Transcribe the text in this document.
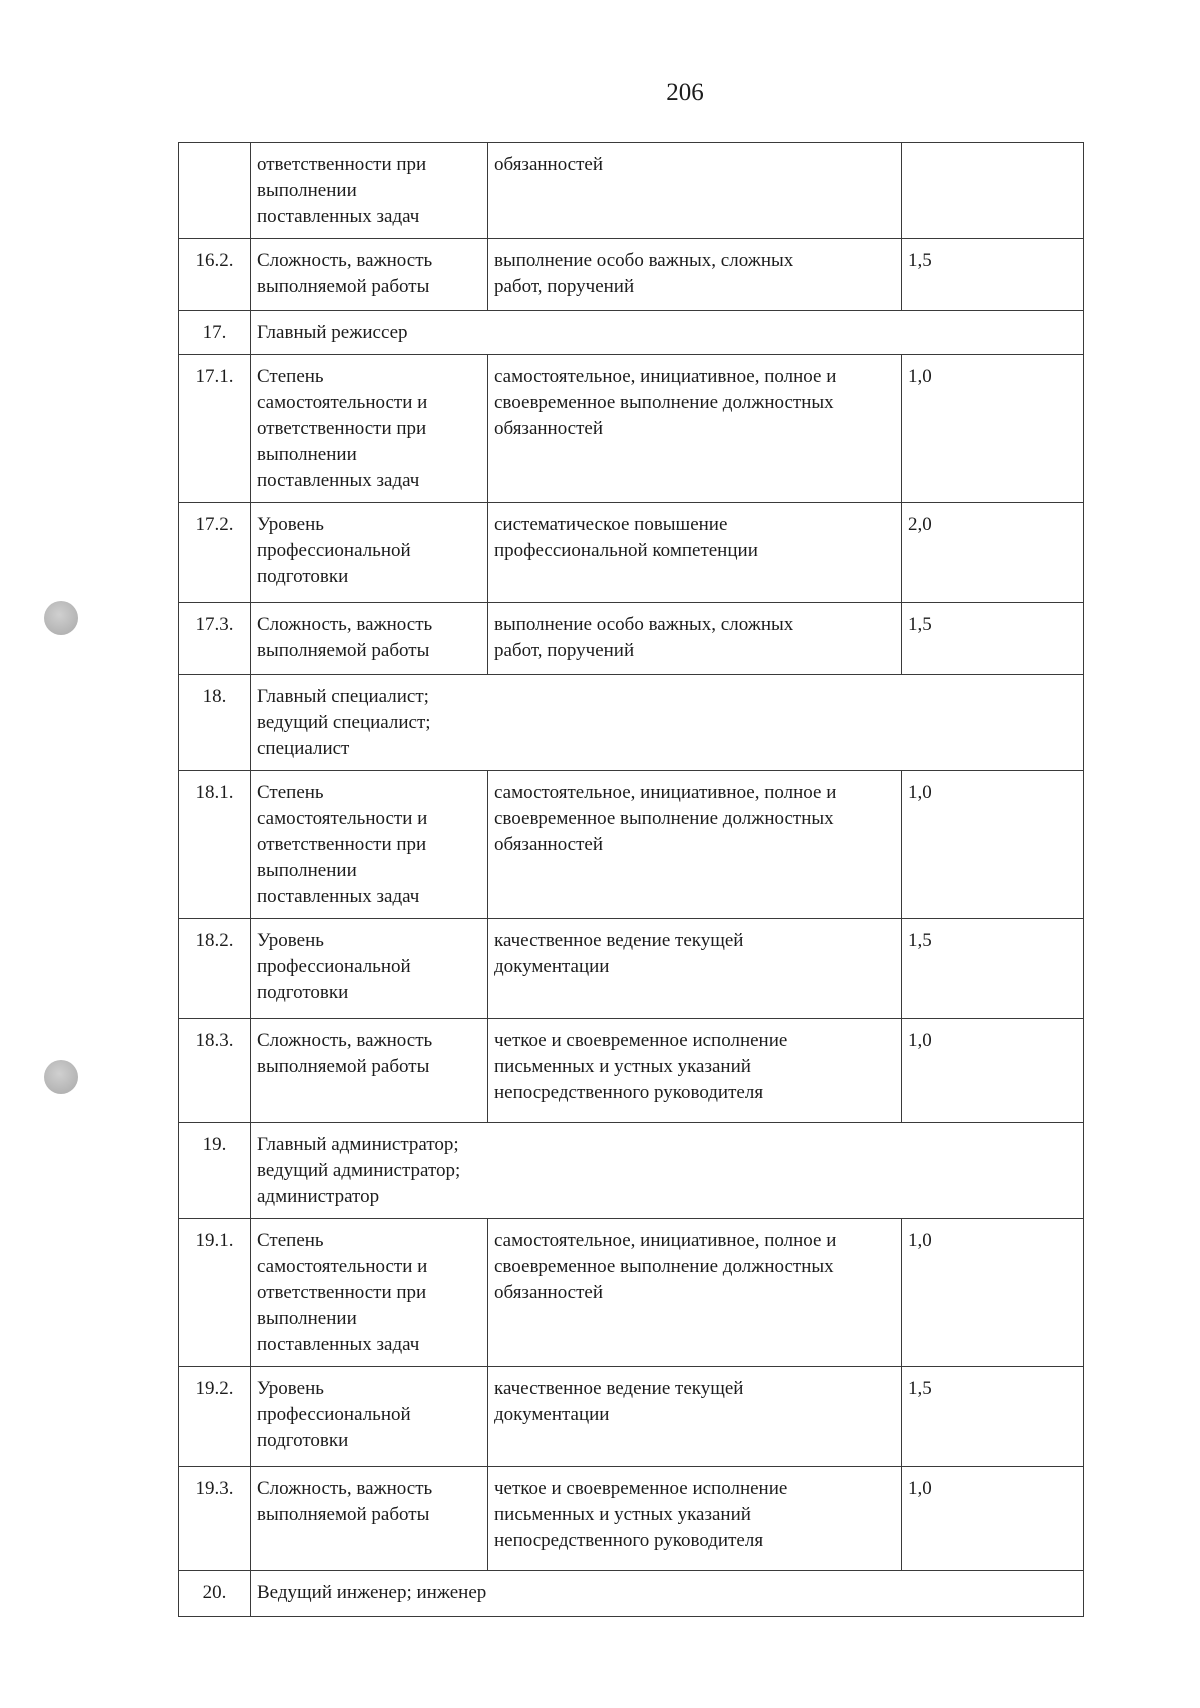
206

	ответственности при
выполнении
поставленных задач	обязанностей	

16.2.	Сложность, важность
выполняемой работы	выполнение особо важных, сложных
работ, поручений	1,5

17.	Главный режиссер		

17.1.	Степень
самостоятельности и
ответственности при
выполнении
поставленных задач	самостоятельное, инициативное, полное и
своевременное выполнение должностных
обязанностей	1,0

17.2.	Уровень
профессиональной
подготовки	систематическое повышение
профессиональной компетенции	2,0

17.3.	Сложность, важность
выполняемой работы	выполнение особо важных, сложных
работ, поручений	1,5

18.	Главный специалист;
ведущий специалист;
специалист		

18.1.	Степень
самостоятельности и
ответственности при
выполнении
поставленных задач	самостоятельное, инициативное, полное и
своевременное выполнение должностных
обязанностей	1,0

18.2.	Уровень
профессиональной
подготовки	качественное ведение текущей
документации	1,5

18.3.	Сложность, важность
выполняемой работы	четкое и своевременное исполнение
письменных и устных указаний
непосредственного руководителя	1,0

19.	Главный администратор;
ведущий администратор;
администратор		

19.1.	Степень
самостоятельности и
ответственности при
выполнении
поставленных задач	самостоятельное, инициативное, полное и
своевременное выполнение должностных
обязанностей	1,0

19.2.	Уровень
профессиональной
подготовки	качественное ведение текущей
документации	1,5

19.3.	Сложность, важность
выполняемой работы	четкое и своевременное исполнение
письменных и устных указаний
непосредственного руководителя	1,0

20.	Ведущий инженер; инженер		
